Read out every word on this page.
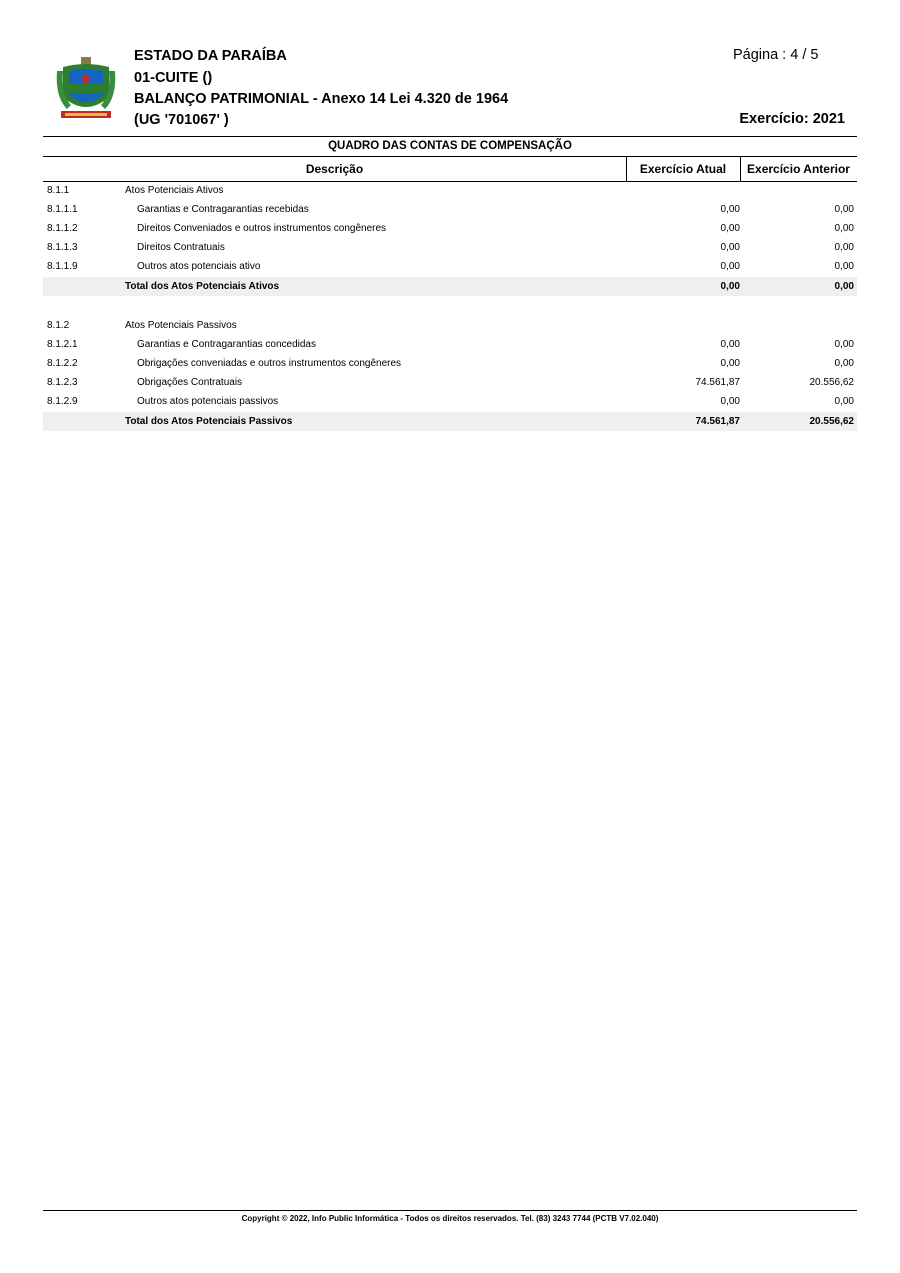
ESTADO DA PARAÍBA
01-CUITE ()
BALANÇO PATRIMONIAL - Anexo 14 Lei 4.320 de 1964
(UG '701067' )
Página : 4 / 5
Exercício: 2021
QUADRO DAS CONTAS DE COMPENSAÇÃO
Descrição	Exercício Atual	Exercício Anterior
8.1.1	Atos Potenciais Ativos
8.1.1.1	Garantias e Contragarantias recebidas	0,00	0,00
8.1.1.2	Direitos Conveniados e outros instrumentos congêneres	0,00	0,00
8.1.1.3	Direitos Contratuais	0,00	0,00
8.1.1.9	Outros atos potenciais ativo	0,00	0,00
Total dos Atos Potenciais Ativos	0,00	0,00
8.1.2	Atos Potenciais Passivos
8.1.2.1	Garantias e Contragarantias concedidas	0,00	0,00
8.1.2.2	Obrigações conveniadas e outros instrumentos congêneres	0,00	0,00
8.1.2.3	Obrigações Contratuais	74.561,87	20.556,62
8.1.2.9	Outros atos potenciais passivos	0,00	0,00
Total dos Atos Potenciais Passivos	74.561,87	20.556,62
Copyright © 2022, Info Public Informática - Todos os direitos reservados. Tel. (83) 3243 7744 (PCTB V7.02.040)
